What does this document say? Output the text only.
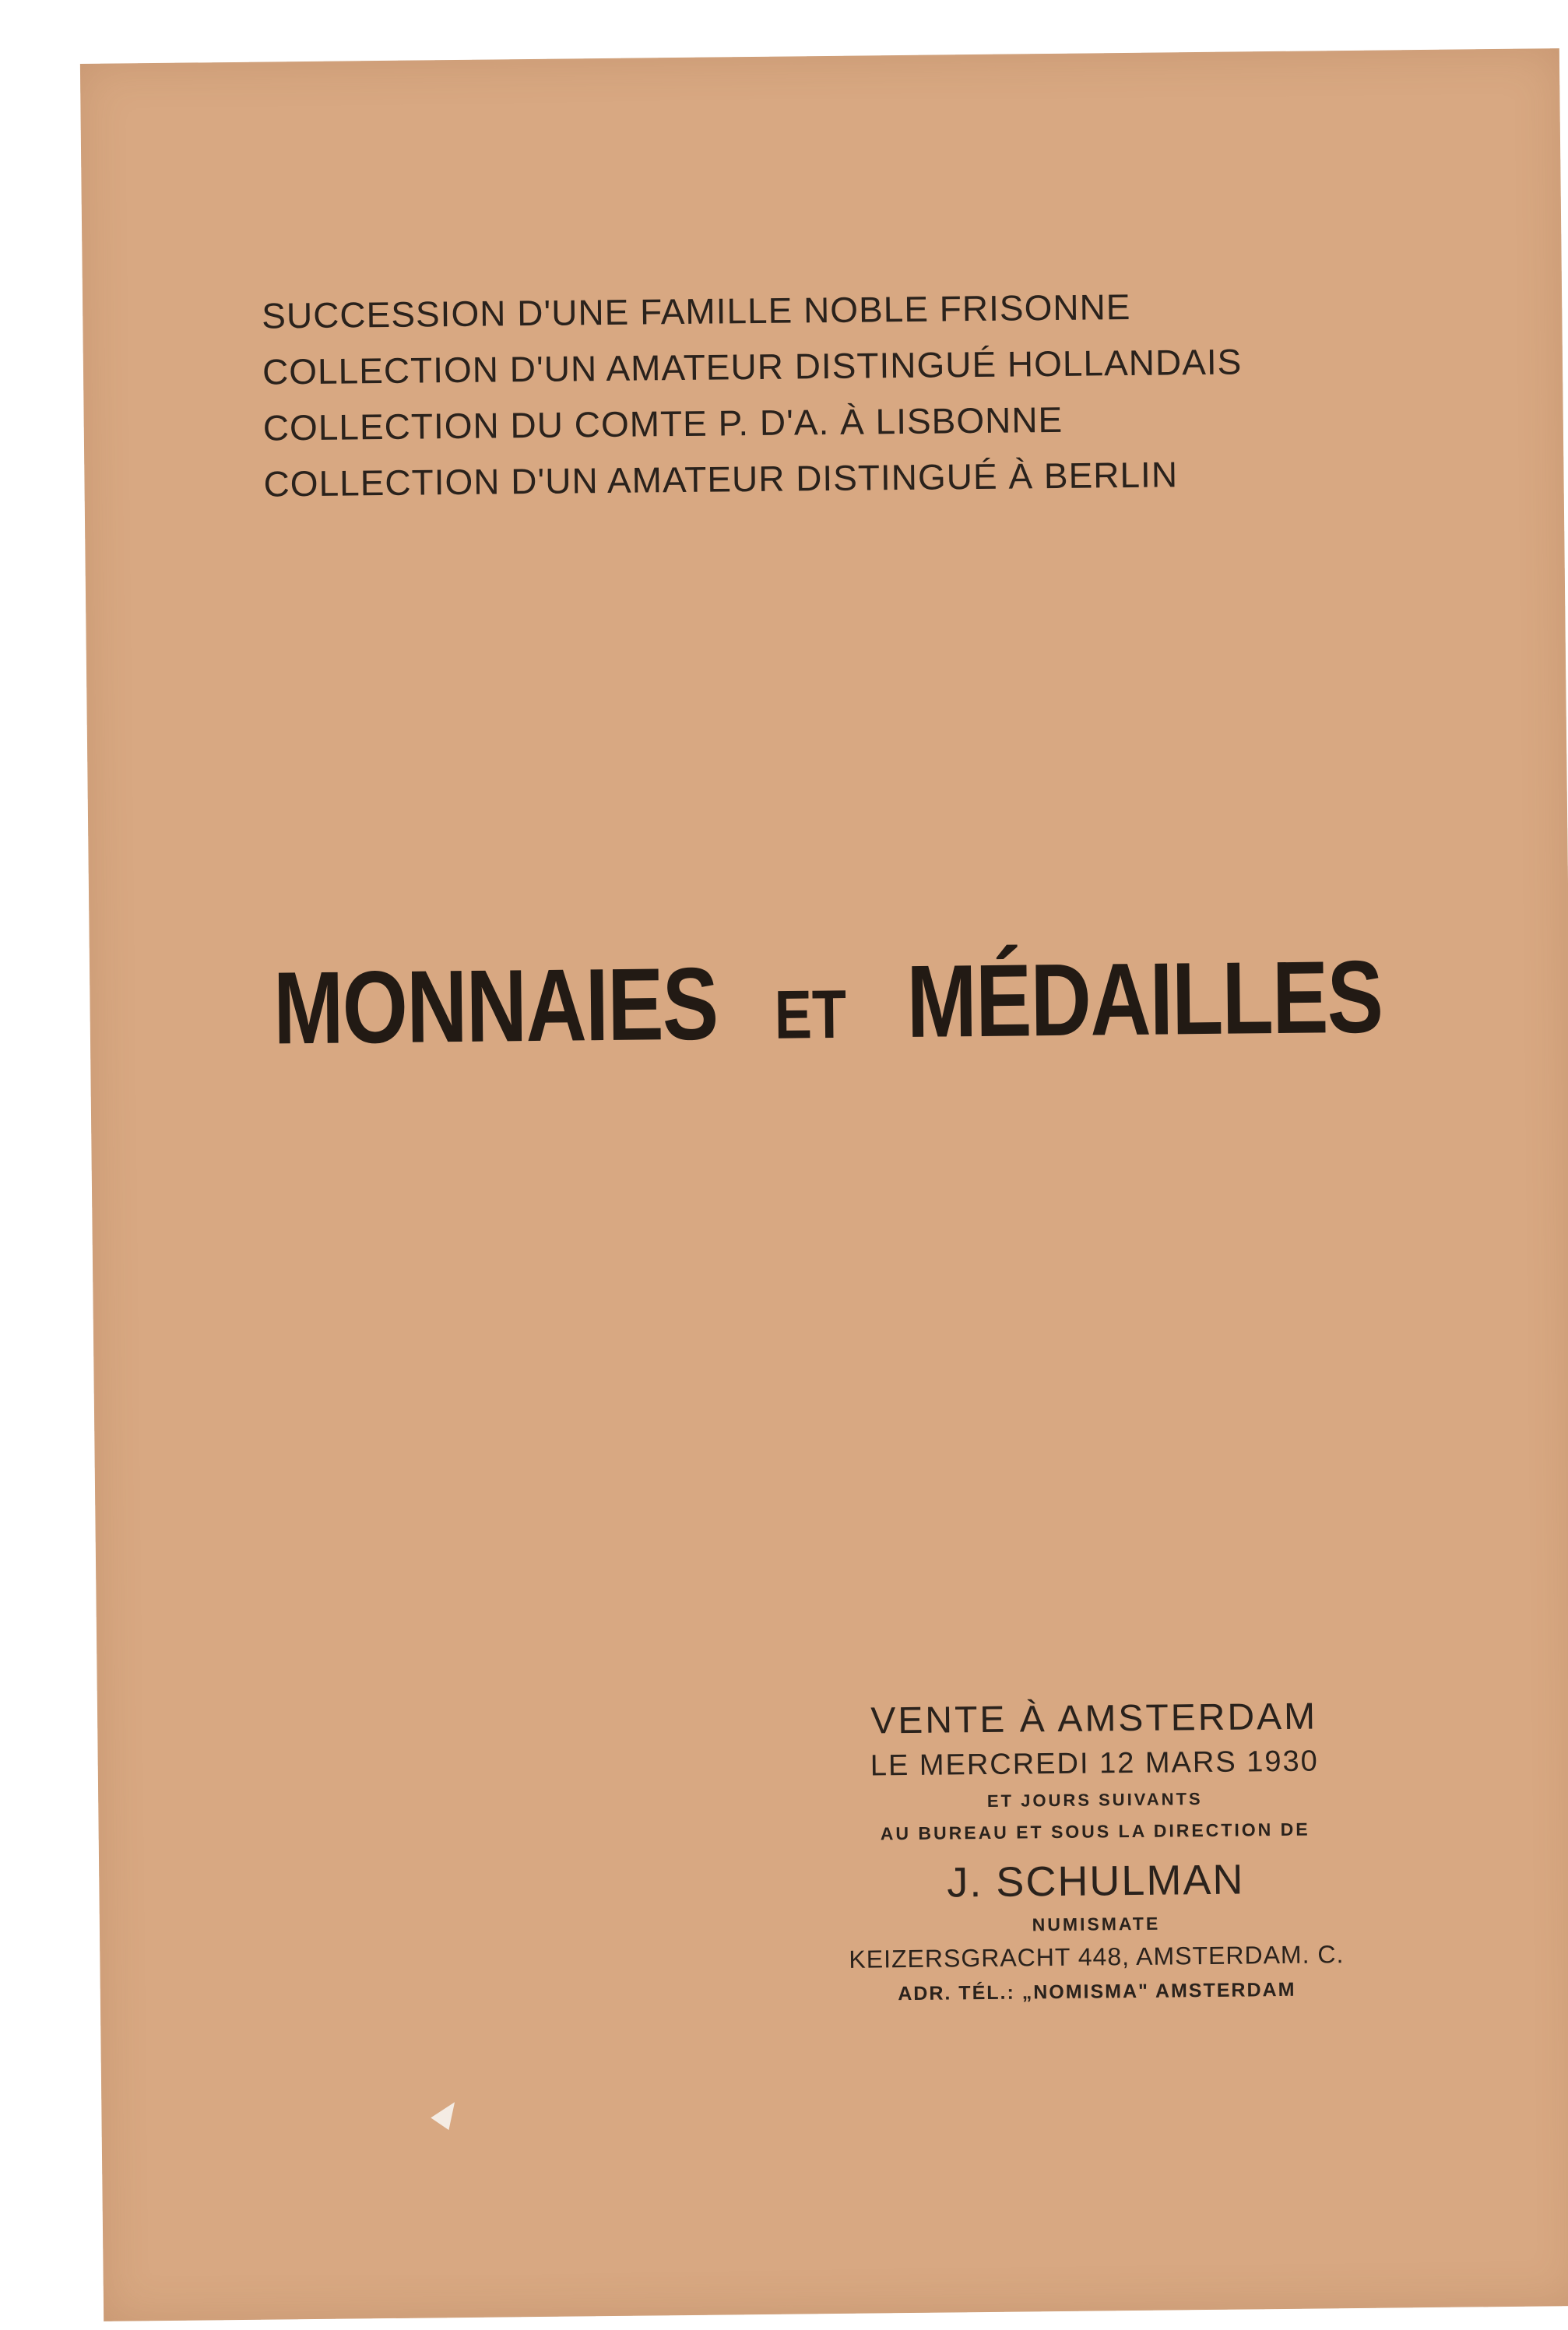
SUCCESSION D'UNE FAMILLE NOBLE FRISONNE
COLLECTION D'UN AMATEUR DISTINGUÉ HOLLANDAIS
COLLECTION DU COMTE P. D'A. À LISBONNE
COLLECTION D'UN AMATEUR DISTINGUÉ À BERLIN
MONNAIES ET MÉDAILLES
VENTE À AMSTERDAM
LE MERCREDI 12 MARS 1930
ET JOURS SUIVANTS
AU BUREAU ET SOUS LA DIRECTION DE
J. SCHULMAN
NUMISMATE
KEIZERSGRACHT 448, AMSTERDAM. C.
ADR. TÉL.: „NOMISMA" AMSTERDAM
